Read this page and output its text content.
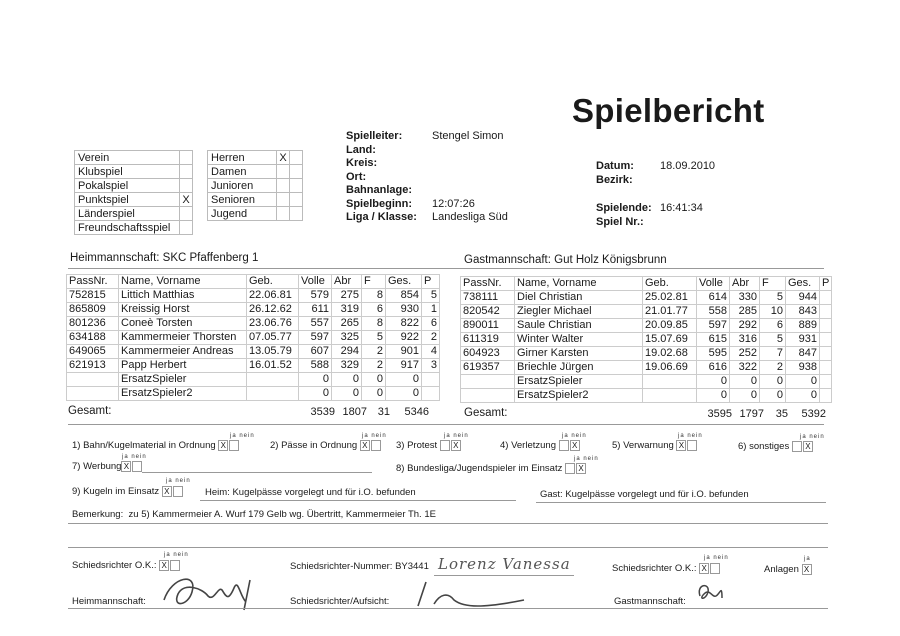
Spielbericht
Verein	
Klubspiel	
Pokalspiel	
Punktspiel	X
Länderspiel	
Freundschaftsspiel	
Herren	X	
Damen		
Junioren		
Senioren		
Jugend		
Spielleiter:	Stengel Simon
Land:
Kreis:
Ort:
Bahnanlage:
Spielbeginn: 12:07:26
Liga / Klasse: Landesliga Süd
Datum: 18.09.2010
Bezirk:
Spielende: 16:41:34
Spiel Nr.:
Heimmannschaft: SKC Pfaffenberg 1	Gastmannschaft: Gut Holz Königsbrunn
PassNr.	Name, Vorname	Geb.	Volle	Abr	F	Ges.	P
752815	Littich Matthias	22.06.81	579	275	8	854	5
865809	Kreissig Horst	26.12.62	611	319	6	930	1
801236	Coneè Torsten	23.06.76	557	265	8	822	6
634188	Kammermeier Thorsten	07.05.77	597	325	5	922	2
649065	Kammermeier Andreas	13.05.79	607	294	2	901	4
621913	Papp Herbert	16.01.52	588	329	2	917	3
	ErsatzSpieler		0	0	0	0	
	ErsatzSpieler2		0	0	0	0	
PassNr.	Name, Vorname	Geb.	Volle	Abr	F	Ges.	P
738111	Diel Christian	25.02.81	614	330	5	944	
820542	Ziegler Michael	21.01.77	558	285	10	843	
890011	Saule Christian	20.09.85	597	292	6	889	
611319	Winter Walter	15.07.69	615	316	5	931	
604923	Girner Karsten	19.02.68	595	252	7	847	
619357	Briechle Jürgen	19.06.69	616	322	2	938	
	ErsatzSpieler		0	0	0	0	
	ErsatzSpieler2		0	0	0	0	
Gesamt:	3539 1807 31 5346	Gesamt:	3595 1797 35 5392
1) Bahn/Kugelmaterial in Ordnung X
ja nein
2) Pässe in Ordnung X
ja nein
3) Protest X
ja nein
4) Verletzung X
ja nein
5) Verwarnung X
ja nein
6) sonstiges X
ja nein
7) Werbung X
ja nein
8) Bundesliga/Jugendspieler im Einsatz X
ja nein
9) Kugeln im Einsatz X
ja nein
Heim: Kugelpässe vorgelegt und für i.O. befunden	Gast: Kugelpässe vorgelegt und für i.O. befunden
Bemerkung: zu 5) Kammermeier A. Wurf 179 Gelb wg. Übertritt, Kammermeier Th. 1E
Schiedsrichter O.K.: X
ja nein
Schiedsrichter-Nummer: BY3441 Lorenz Vanessa	Schiedsrichter O.K.: X
ja nein
Anlagen X
ja
Heimmannschaft:	Schiedsrichter/Aufsicht:	Gastmannschaft:
